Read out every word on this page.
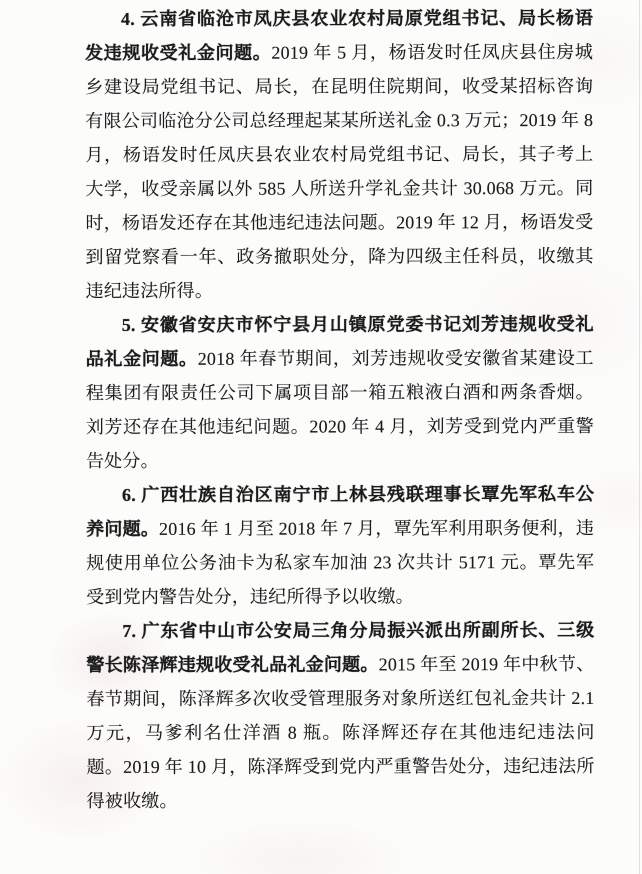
4. 云南省临沧市凤庆县农业农村局原党组书记、局长杨语发违规收受礼金问题。2019 年 5 月，杨语发时任凤庆县住房城乡建设局党组书记、局长，在昆明住院期间，收受某招标咨询有限公司临沧分公司总经理起某某所送礼金 0.3 万元；2019 年 8 月，杨语发时任凤庆县农业农村局党组书记、局长，其子考上大学，收受亲属以外 585 人所送升学礼金共计 30.068 万元。同时，杨语发还存在其他违纪违法问题。2019 年 12 月，杨语发受到留党察看一年、政务撤职处分，降为四级主任科员，收缴其违纪违法所得。

5. 安徽省安庆市怀宁县月山镇原党委书记刘芳违规收受礼品礼金问题。2018 年春节期间，刘芳违规收受安徽省某建设工程集团有限责任公司下属项目部一箱五粮液白酒和两条香烟。刘芳还存在其他违纪问题。2020 年 4 月，刘芳受到党内严重警告处分。

6. 广西壮族自治区南宁市上林县残联理事长覃先军私车公养问题。2016 年 1 月至 2018 年 7 月，覃先军利用职务便利，违规使用单位公务油卡为私家车加油 23 次共计 5171 元。覃先军受到党内警告处分，违纪所得予以收缴。

7. 广东省中山市公安局三角分局振兴派出所副所长、三级警长陈泽辉违规收受礼品礼金问题。2015 年至 2019 年中秋节、春节期间，陈泽辉多次收受管理服务对象所送红包礼金共计 2.1 万元，马爹利名仕洋酒 8 瓶。陈泽辉还存在其他违纪违法问题。2019 年 10 月，陈泽辉受到党内严重警告处分，违纪违法所得被收缴。
